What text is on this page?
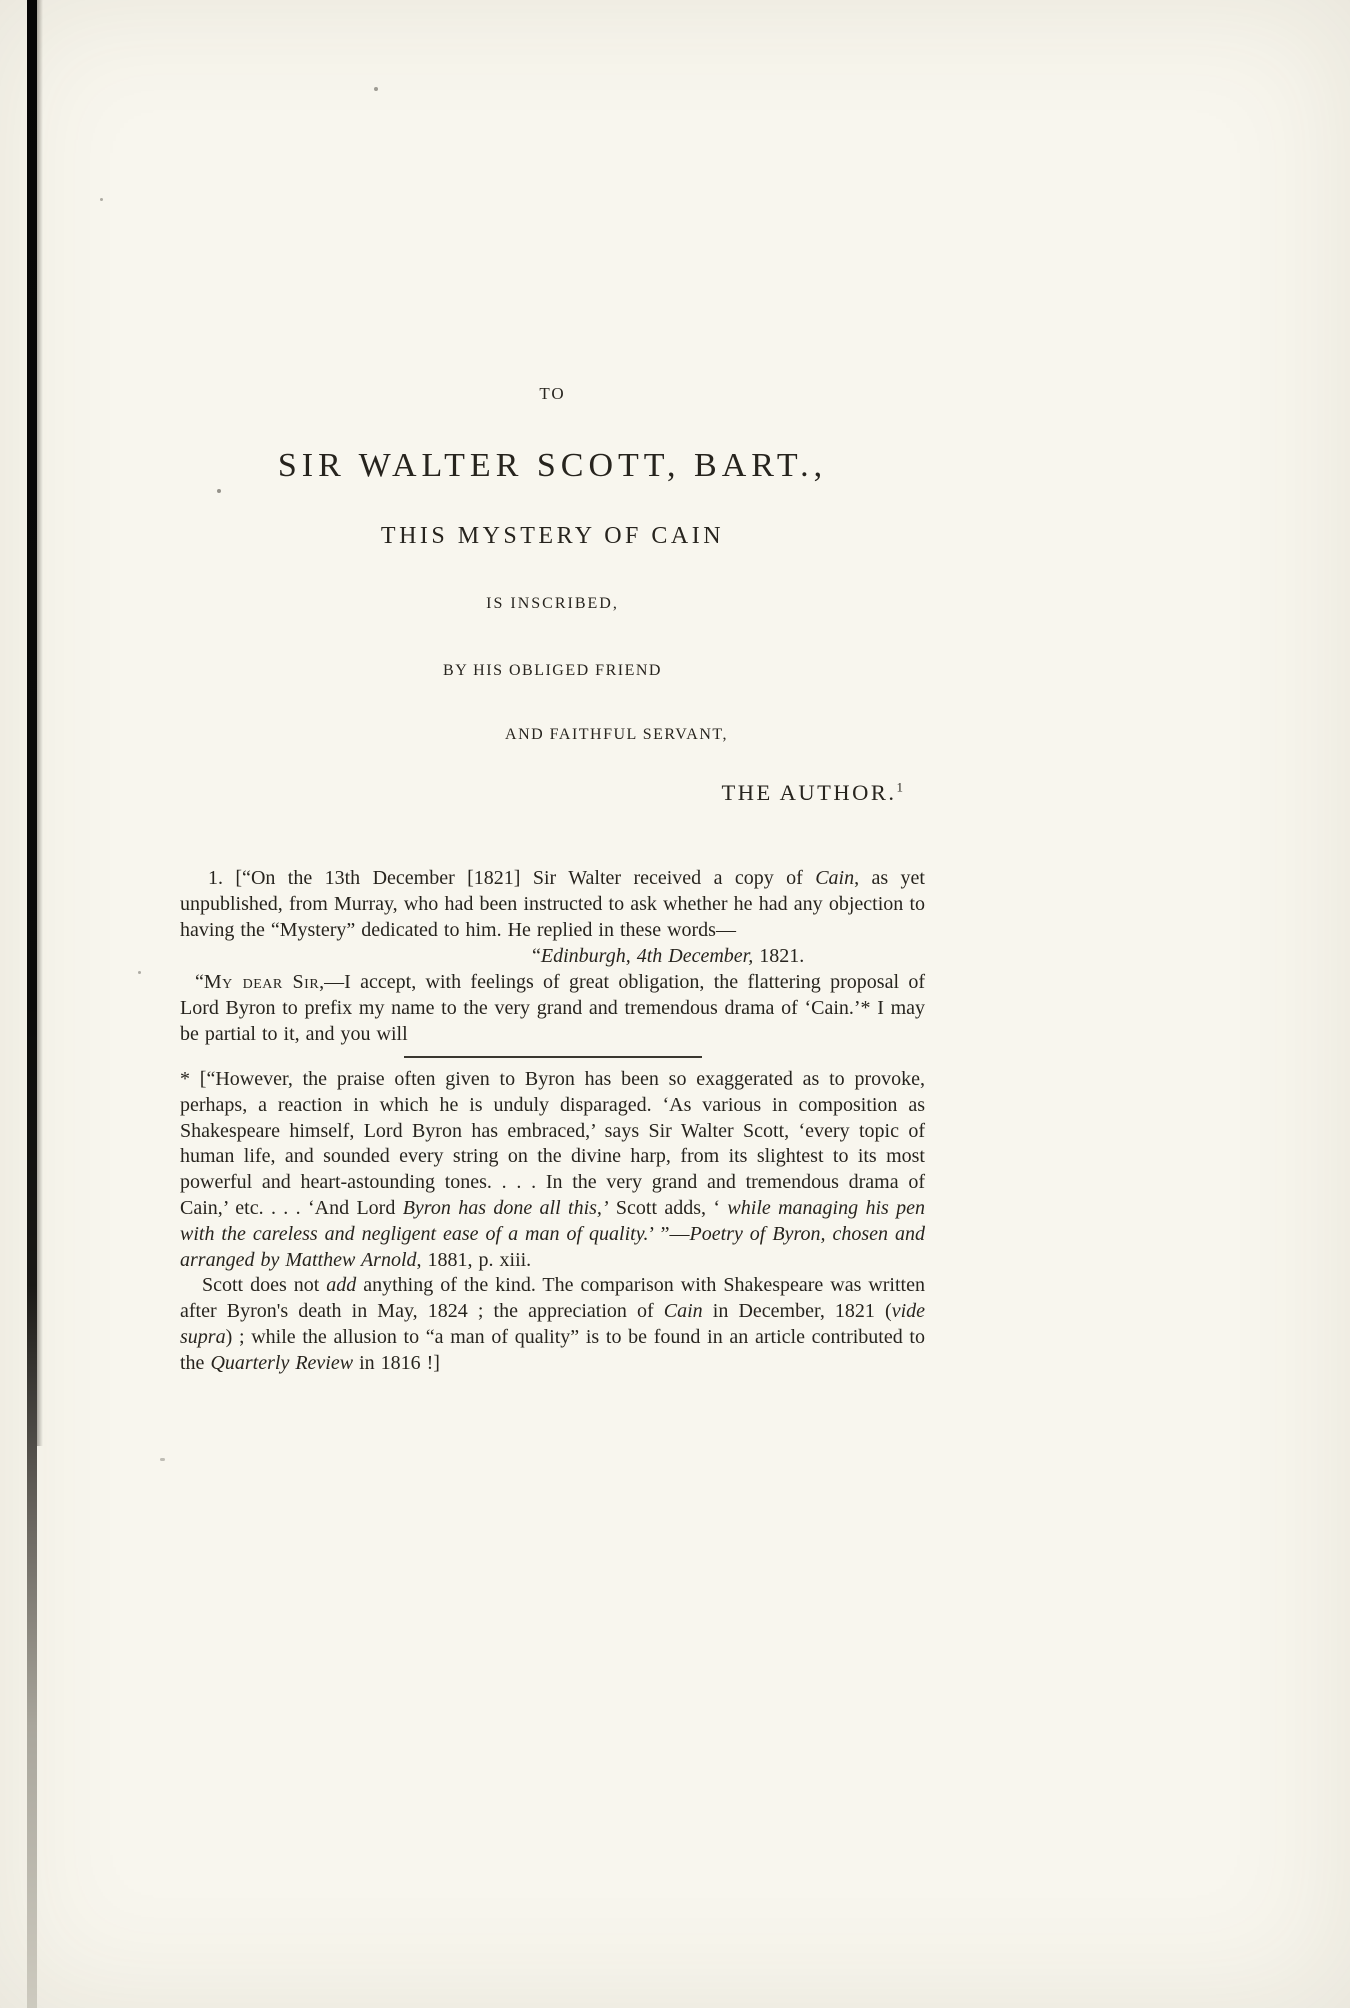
TO
SIR WALTER SCOTT, BART.,
THIS MYSTERY OF CAIN
IS INSCRIBED,
BY HIS OBLIGED FRIEND
AND FAITHFUL SERVANT,
THE AUTHOR.$^1$

1. [“On the 13th December [1821] Sir Walter received a copy of Cain, as yet unpublished, from Murray, who had been instructed to ask whether he had any objection to having the “Mystery” dedicated to him. He replied in these words—

“Edinburgh, 4th December, 1821.

“My dear Sir,—I accept, with feelings of great obligation, the flattering proposal of Lord Byron to prefix my name to the very grand and tremendous drama of ‘Cain.’* I may be partial to it, and you will

* [“However, the praise often given to Byron has been so exaggerated as to provoke, perhaps, a reaction in which he is unduly disparaged. ‘As various in composition as Shakespeare himself, Lord Byron has embraced,’ says Sir Walter Scott, ‘every topic of human life, and sounded every string on the divine harp, from its slightest to its most powerful and heart-astounding tones. . . . In the very grand and tremendous drama of Cain,’ etc. . . . ‘And Lord Byron has done all this,’ Scott adds, ‘ while managing his pen with the careless and negligent ease of a man of quality.’ ”—Poetry of Byron, chosen and arranged by Matthew Arnold, 1881, p. xiii.

Scott does not add anything of the kind. The comparison with Shakespeare was written after Byron's death in May, 1824 ; the appreciation of Cain in December, 1821 (vide supra) ; while the allusion to “a man of quality” is to be found in an article contributed to the Quarterly Review in 1816 !]
